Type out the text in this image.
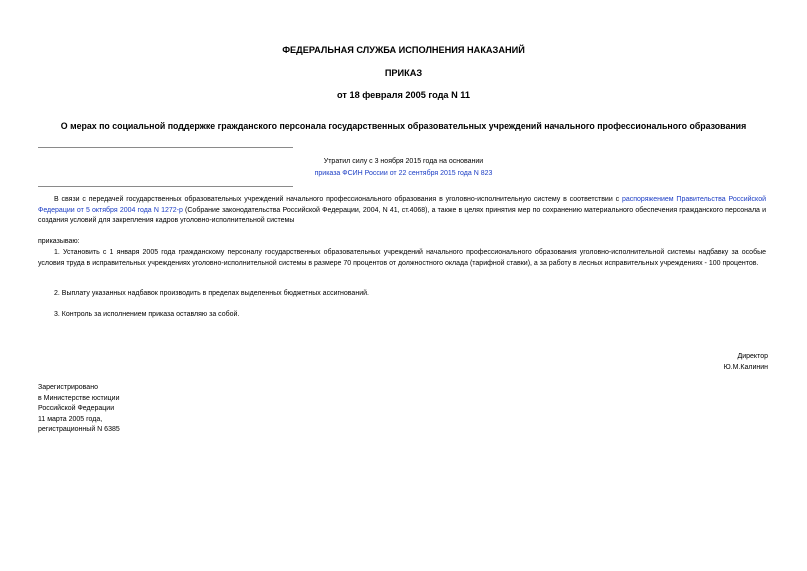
ФЕДЕРАЛЬНАЯ СЛУЖБА ИСПОЛНЕНИЯ НАКАЗАНИЙ
ПРИКАЗ
от 18 февраля 2005 года N 11
О мерах по социальной поддержке гражданского персонала государственных образовательных учреждений начального профессионального образования
Утратил силу с 3 ноября 2015 года на основании
приказа ФСИН России от 22 сентября 2015 года N 823
В связи с передачей государственных образовательных учреждений начального профессионального образования в уголовно-исполнительную систему в соответствии с распоряжением Правительства Российской Федерации от 5 октября 2004 года N 1272-р (Собрание законодательства Российской Федерации, 2004, N 41, ст.4068), а также в целях принятия мер по сохранению материального обеспечения гражданского персонала и создания условий для закрепления кадров уголовно-исполнительной системы
приказываю:
1. Установить с 1 января 2005 года гражданскому персоналу государственных образовательных учреждений начального профессионального образования уголовно-исполнительной системы надбавку за особые условия труда в исправительных учреждениях уголовно-исполнительной системы в размере 70 процентов от должностного оклада (тарифной ставки), а за работу в лесных исправительных учреждениях - 100 процентов.
2. Выплату указанных надбавок производить в пределах выделенных бюджетных ассигнований.
3. Контроль за исполнением приказа оставляю за собой.
Директор
Ю.М.Калинин
Зарегистрировано
в Министерстве юстиции
Российской Федерации
11 марта 2005 года,
регистрационный N 6385
